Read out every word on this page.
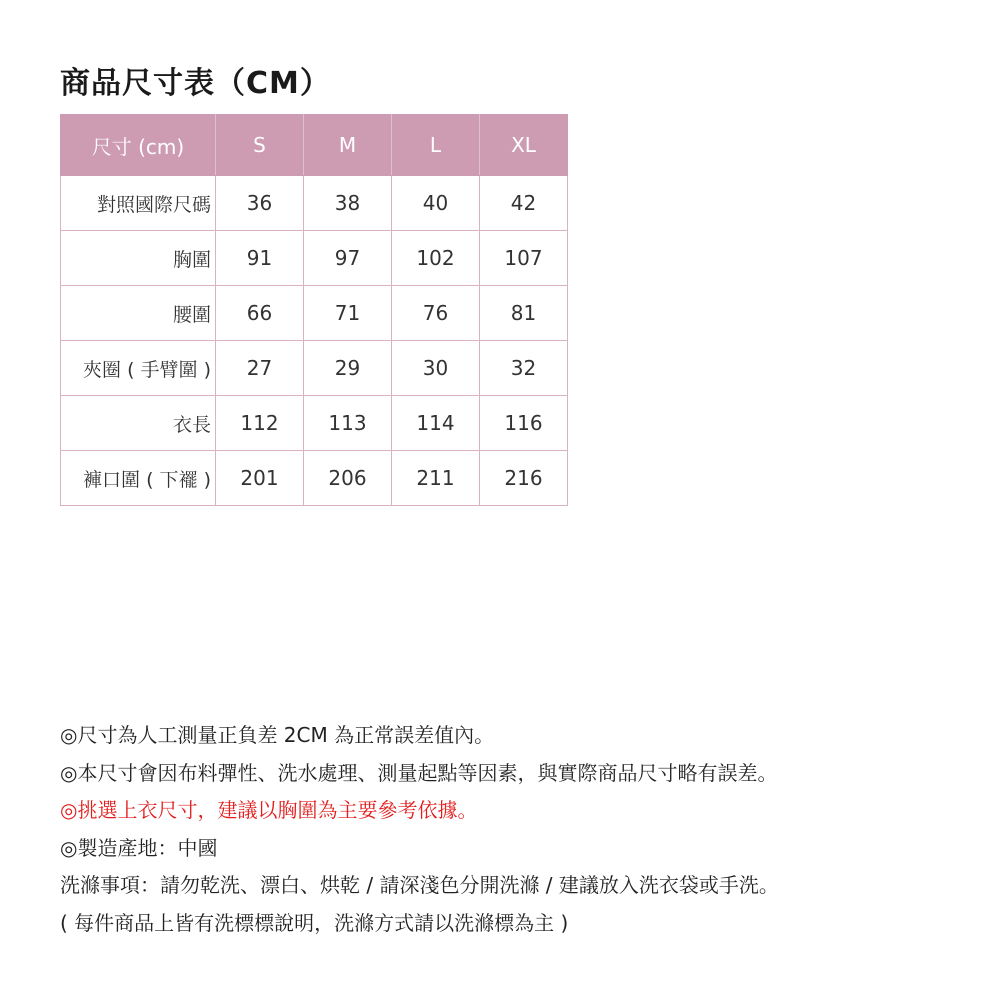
商品尺寸表（CM）
尺寸 (cm)	S	M	L	XL
對照國際尺碼	36	38	40	42
胸圍	91	97	102	107
腰圍	66	71	76	81
夾圈 ( 手臂圍 )	27	29	30	32
衣長	112	113	114	116
褲口圍 ( 下襬 )	201	206	211	216
◎尺寸為人工測量正負差 2CM 為正常誤差值內。
◎本尺寸會因布料彈性、洗水處理、測量起點等因素，與實際商品尺寸略有誤差。
◎挑選上衣尺寸，建議以胸圍為主要參考依據。
◎製造產地：中國
洗滌事項：請勿乾洗、漂白、烘乾 / 請深淺色分開洗滌 / 建議放入洗衣袋或手洗。
( 每件商品上皆有洗標標說明，洗滌方式請以洗滌標為主 )
